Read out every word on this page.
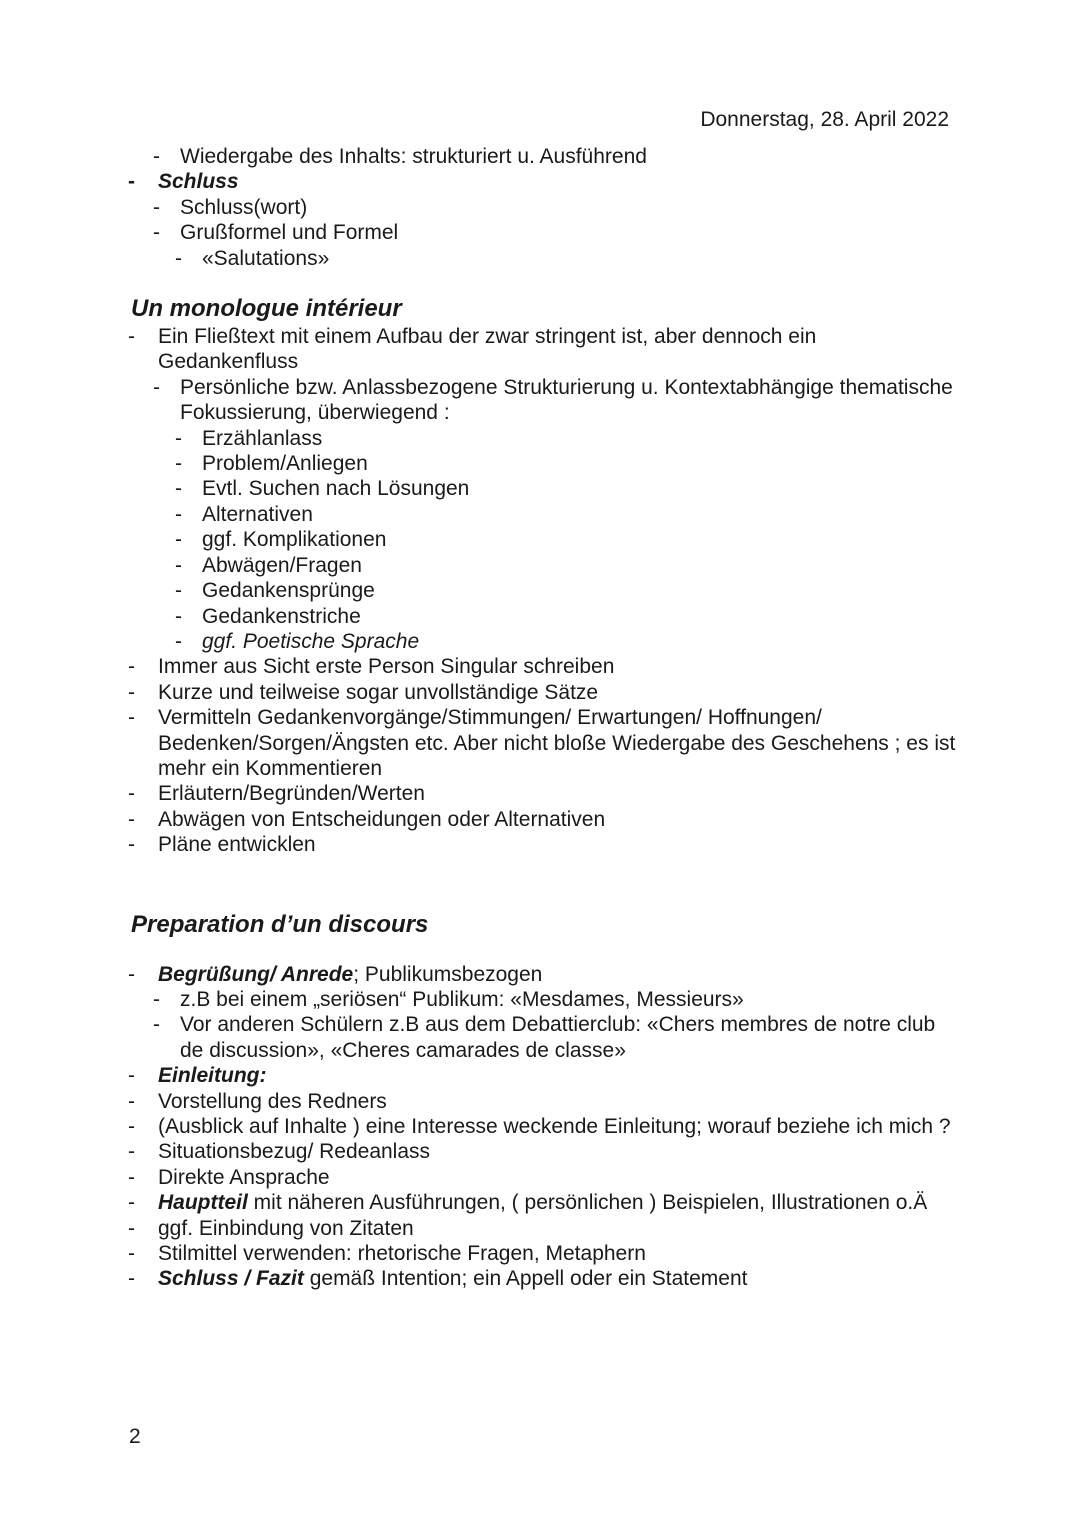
Donnerstag, 28. April 2022
- Wiedergabe des Inhalts: strukturiert u. Ausführend
- Schluss
- Schluss(wort)
- Grußformel und Formel
- «Salutations»
Un monologue intérieur
- Ein Fließtext mit einem Aufbau der zwar stringent ist, aber dennoch ein Gedankenfluss
- Persönliche bzw. Anlassbezogene Strukturierung u. Kontextabhängige thematische Fokussierung, überwiegend :
- Erzählanlass
- Problem/Anliegen
- Evtl. Suchen nach Lösungen
- Alternativen
- ggf. Komplikationen
- Abwägen/Fragen
- Gedankensprünge
- Gedankenstriche
- ggf. Poetische Sprache
- Immer aus Sicht erste Person Singular schreiben
- Kurze und teilweise sogar unvollständige Sätze
- Vermitteln Gedankenvorgänge/Stimmungen/ Erwartungen/ Hoffnungen/ Bedenken/Sorgen/Ängsten etc. Aber nicht bloße Wiedergabe des Geschehens ; es ist mehr ein Kommentieren
- Erläutern/Begründen/Werten
- Abwägen von Entscheidungen oder Alternativen
- Pläne entwicklen
Preparation d’un discours
- Begrüßung/ Anrede; Publikumsbezogen
- z.B bei einem „seriösen“ Publikum: «Mesdames, Messieurs»
- Vor anderen Schülern z.B aus dem Debattierclub: «Chers membres de notre club de discussion», «Cheres camarades de classe»
- Einleitung:
- Vorstellung des Redners
- (Ausblick auf Inhalte ) eine Interesse weckende Einleitung; worauf beziehe ich mich ?
- Situationsbezug/ Redeanlass
- Direkte Ansprache
- Hauptteil mit näheren Ausführungen, ( persönlichen ) Beispielen, Illustrationen o.Ä
- ggf. Einbindung von Zitaten
- Stilmittel verwenden: rhetorische Fragen, Metaphern
- Schluss / Fazit gemäß Intention; ein Appell oder ein Statement
2
